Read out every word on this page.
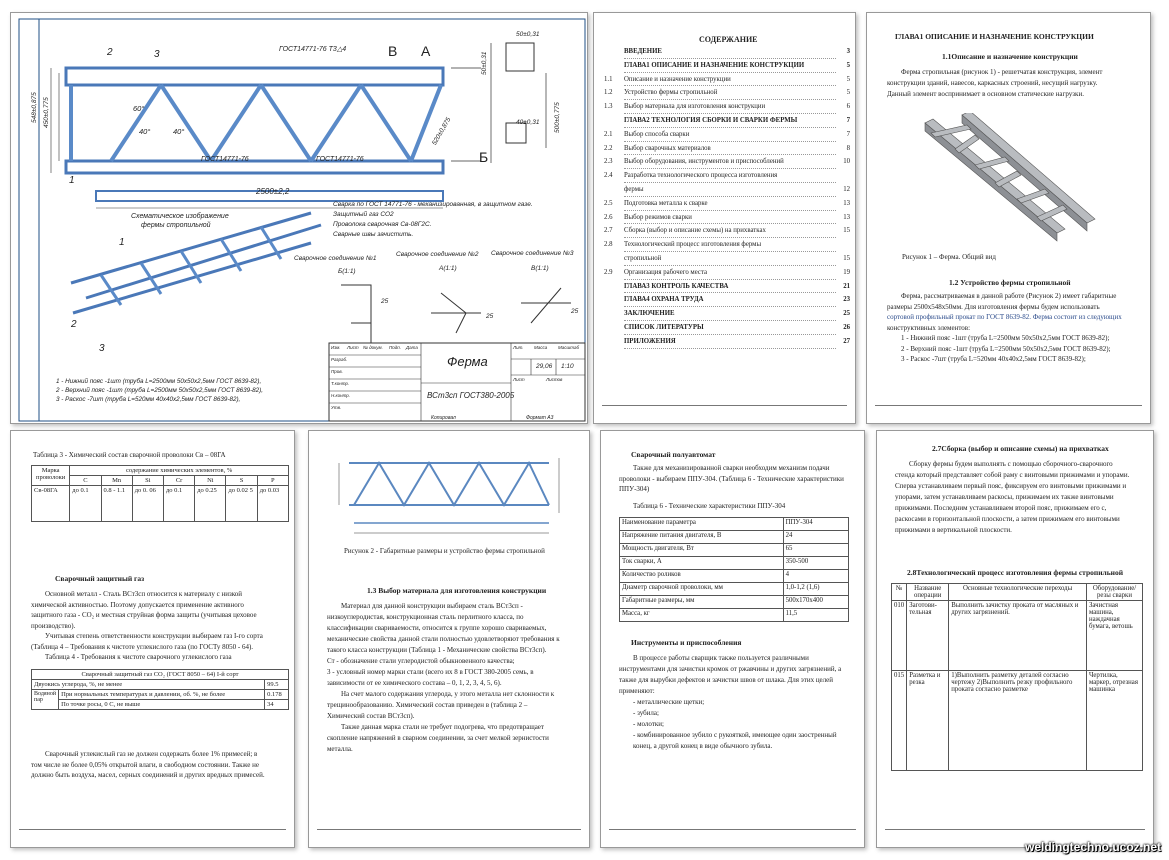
ГОСТ14771-76 Т3△4	В А
Б
1
2	3
1
2
3
60°
40°	40°
ГОСТ14771-76	ГОСТ14771-76
2500±2,2
548±0,875 450±0,775
50±0,31
40±0,31
50±0,31
500±0,775
520±0,875
Схематическое изображение
фермы стропильной
Сварка по ГОСТ 14771-76 - механизированная, в защитном газе.
Защитный газ СО2
Проволока сварочная Св-08Г2С.
Сварные швы зачистить.
Сварочное соединение №1
Сварочное соединение №2 Сварочное соединение №3
Б(1:1)	А(1:1)	В(1:1)
25
25
25
1 - Нижний пояс -1шт (труба L=2500мм 50х50х2,5мм ГОСТ 8639-82),
2 - Верхний пояс -1шт (труба L=2500мм 50х50х2,5мм ГОСТ 8639-82),
3 - Раскос -7шт (труба L=520мм 40х40х2,5мм ГОСТ 8639-82),
Изм. Лист № докум. Подп. Дата
Разраб.
Пров.
Т.контр.
Н.контр.
Утв.
Ферма
ВСт3сп ГОСТ380-2005
Лит. Масса Масштаб
29,06 1:10
Лист	Листов
Копировал	Формат А3
СОДЕРЖАНИЕ
ВВЕДЕНИЕ	3
ГЛАВА1 ОПИСАНИЕ И НАЗНАЧЕНИЕ КОНСТРУКЦИИ	5
1.1	Описание и назначение конструкции	5
1.2	Устройство фермы стропильной	5
1.3	Выбор материала для изготовления конструкции	6
ГЛАВА2 ТЕХНОЛОГИЯ СБОРКИ И СВАРКИ ФЕРМЫ	7
2.1	Выбор способа сварки	7
2.2	Выбор сварочных материалов	8
2.3	Выбор оборудования, инструментов и приспособлений	10
2.4	Разработка технологического процесса изготовления
фермы	12
2.5	Подготовка металла к сварке	13
2.6	Выбор режимов сварки	13
2.7	Сборка (выбор и описание схемы) на прихватках	15
2.8	Технологический процесс изготовления фермы
стропильной	15
2.9	Организация рабочего места	19
ГЛАВА3 КОНТРОЛЬ КАЧЕСТВА	21
ГЛАВА4 ОХРАНА ТРУДА	23
ЗАКЛЮЧЕНИЕ	25
СПИСОК ЛИТЕРАТУРЫ	26
ПРИЛОЖЕНИЯ	27
ГЛАВА1 ОПИСАНИЕ И НАЗНАЧЕНИЕ КОНСТРУКЦИИ
1.1Описание и назначение конструкции
Ферма стропильная (рисунок 1) - решетчатая конструкция, элемент
конструкции зданий, навесов, каркасных строений, несущий нагрузку.
Данный элемент воспринимает в основном статические нагрузки.
Рисунок 1 – Ферма. Общий вид
1.2 Устройство фермы стропильной
Ферма, рассматриваемая в данной работе (Рисунок 2) имеет габаритные
размеры 2500х548х50мм. Для изготовления фермы будем использовать
сортовой профильный прокат по ГОСТ 8639-82. Ферма состоит из следующих
конструктивных элементов:
1 - Нижний пояс -1шт (труба L=2500мм 50х50х2,5мм ГОСТ 8639-82);
2 - Верхний пояс -1шт (труба L=2500мм 50х50х2,5мм ГОСТ 8639-82);
3 - Раскос -7шт (труба L=520мм 40х40х2,5мм ГОСТ 8639-82);
Таблица 3 - Химический состав сварочной проволоки Св – 08ГА
Марка
проволоки	содержание химических элементов, %						
	C	Mn	Si	Cr	Ni	S	P
Св-08ГА	до 0.1	0.8 - 1.1	до 0. 06	до 0.1	до 0.25	до 0.02 5	до 0.03
Сварочный защитный газ
Основной металл - Сталь ВСт3сп относится к материалу с низкой
химической активностью. Поэтому допускается применение активного
защитного газа - СО₂ и местная струйная форма защиты (учитывая цеховое
производство).
Учитывая степень ответственности конструкции выбираем газ I-го сорта
(Таблица 4 – Требования к чистоте углекислого газа (по ГОСТу 8050 - 64).
Таблица 4 - Требования к чистоте сварочного углекислого газа
Сварочный защитный газ СО₂ (ГОСТ 8050 – 64) I-й сорт		
Двуокись углерода, %, не менее		99.5
Водяной пар	При нормальных температурах и давлении, об. %, не более	0.178
	По точке росы, 0 С, не выше	34
Сварочный углекислый газ не должен содержать более 1% примесей; в
том числе не более 0,05% открытой влаги, в свободном состоянии. Также не
должно быть воздуха, масел, серных соединений и других вредных примесей.
Рисунок 2 - Габаритные размеры и устройство фермы стропильной
1.3 Выбор материала для изготовления конструкции
Материал для данной конструкции выбираем сталь ВСт3сп -
низкоуглеродистая, конструкционная сталь перлитного класса, по
классификации свариваемости, относится к группе хорошо свариваемых,
механические свойства данной стали полностью удовлетворяют требования к
такого класса конструкции (Таблица 1 - Механические свойства ВСт3сп).
Ст - обозначение стали углеродистой обыкновенного качества;
3 - условный номер марки стали (всего их 8 в ГОСТ 380-2005 семь, в
зависимости от ее химического состава – 0, 1, 2, 3, 4, 5, 6).
На счет малого содержания углерода, у этого металла нет склонности к
трещинообразованию. Химический состав приведен в (таблица 2 –
Химический состав ВСт3сп).
Также данная марка стали не требует подогрева, что предотвращает
скопление напряжений в сварном соединении, за счет мелкой зернистости
металла.
Сварочный полуавтомат
Также для механизированной сварки необходим механизм подачи
проволоки - выбираем ППУ-304. (Таблица 6 - Технические характеристики
ППУ-304)
Таблица 6 - Технические характеристики ППУ-304
Наименование параметра	ППУ-304
Напряжение питания двигателя, В	24
Мощность двигателя, Вт	65
Ток сварки, А	350-500
Количество роликов	4
Диаметр сварочной проволоки, мм	1,0-1,2 (1,6)
Габаритные размеры, мм	500х170х400
Масса, кг	11,5
Инструменты и приспособления
В процессе работы сварщик также пользуется различными
инструментами для зачистки кромок от ржавчины и других загрязнений, а
также для вырубки дефектов и зачистки швов от шлака. Для этих целей
применяют:
- металлические щетки;
- зубила;
- молотки;
- комбинированное зубило с рукояткой, имеющее один заостренный
конец, а другой конец в виде обычного зубила.
2.7Сборка (выбор и описание схемы) на прихватках
Сборку фермы будем выполнять с помощью сборочного-сварочного
стенда который представляет собой раму с винтовыми прижимами и упорами.
Сперва устанавливаем первый пояс, фиксируем его винтовыми прижимами и
упорами, затем устанавливаем раскосы, прижимаем их также винтовыми
прижимами. Последним устанавливаем второй пояс, прижимаем его с,
раскосами в горизонтальной плоскости, а затем прижимаем его винтовыми
прижимами в вертикальной плоскости.
2.8Технологический процесс изготовления фермы стропильной
№	Название операции	Основные технологические переходы	Оборудование/ резы сварки
010	Заготови-тельная	Выполнить зачистку проката от масляных и других загрязнений.	Зачистная машина, наждачная бумага, ветошь
015	Разметка и резка	1)Выполнить разметку деталей согласно чертежу 2)Выполнить резку профильного проката согласно разметке	Чертилка, маркер, отрезная машинка
weldingtechno.ucoz.net
